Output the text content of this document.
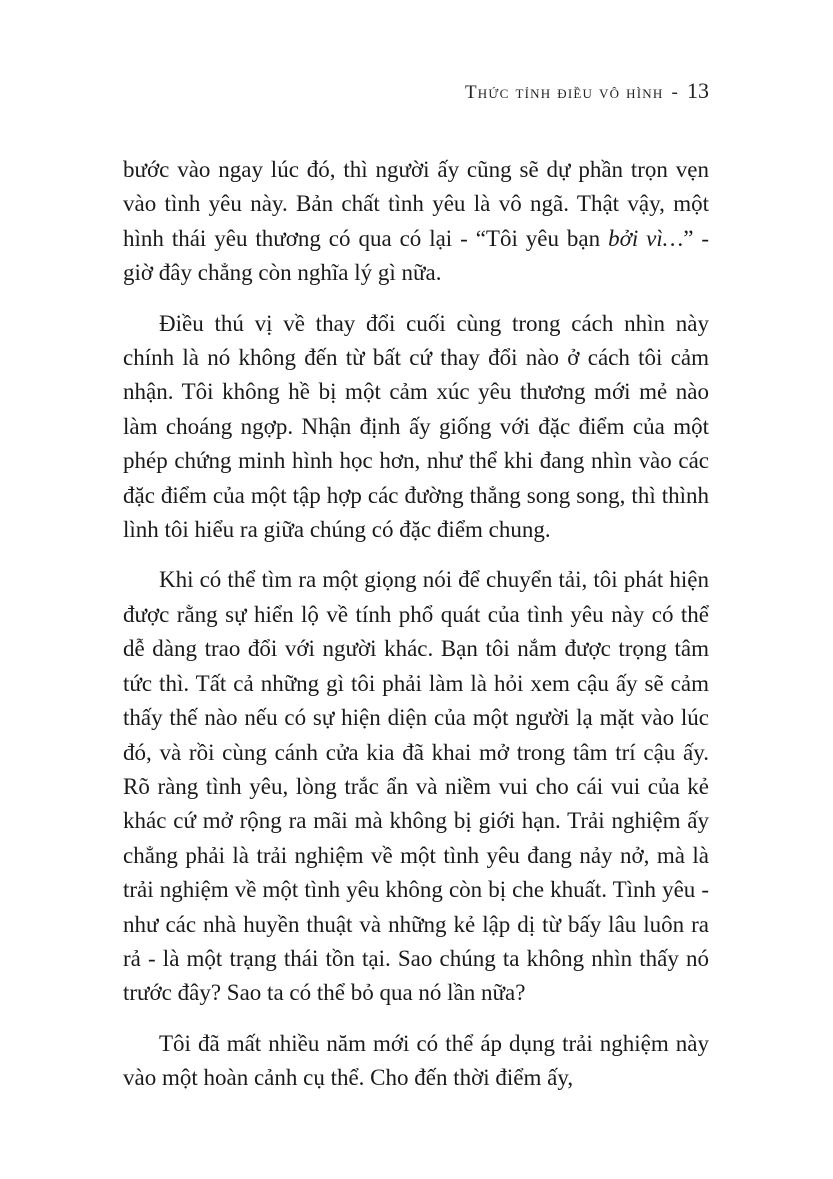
Thức tỉnh điều vô hình - 13

bước vào ngay lúc đó, thì người ấy cũng sẽ dự phần trọn vẹn vào tình yêu này. Bản chất tình yêu là vô ngã. Thật vậy, một hình thái yêu thương có qua có lại - “Tôi yêu bạn bởi vì…” - giờ đây chẳng còn nghĩa lý gì nữa.

Điều thú vị về thay đổi cuối cùng trong cách nhìn này chính là nó không đến từ bất cứ thay đổi nào ở cách tôi cảm nhận. Tôi không hề bị một cảm xúc yêu thương mới mẻ nào làm choáng ngợp. Nhận định ấy giống với đặc điểm của một phép chứng minh hình học hơn, như thể khi đang nhìn vào các đặc điểm của một tập hợp các đường thẳng song song, thì thình lình tôi hiểu ra giữa chúng có đặc điểm chung.

Khi có thể tìm ra một giọng nói để chuyển tải, tôi phát hiện được rằng sự hiển lộ về tính phổ quát của tình yêu này có thể dễ dàng trao đổi với người khác. Bạn tôi nắm được trọng tâm tức thì. Tất cả những gì tôi phải làm là hỏi xem cậu ấy sẽ cảm thấy thế nào nếu có sự hiện diện của một người lạ mặt vào lúc đó, và rồi cùng cánh cửa kia đã khai mở trong tâm trí cậu ấy. Rõ ràng tình yêu, lòng trắc ẩn và niềm vui cho cái vui của kẻ khác cứ mở rộng ra mãi mà không bị giới hạn. Trải nghiệm ấy chẳng phải là trải nghiệm về một tình yêu đang nảy nở, mà là trải nghiệm về một tình yêu không còn bị che khuất. Tình yêu - như các nhà huyền thuật và những kẻ lập dị từ bấy lâu luôn ra rả - là một trạng thái tồn tại. Sao chúng ta không nhìn thấy nó trước đây? Sao ta có thể bỏ qua nó lần nữa?

Tôi đã mất nhiều năm mới có thể áp dụng trải nghiệm này vào một hoàn cảnh cụ thể. Cho đến thời điểm ấy,
